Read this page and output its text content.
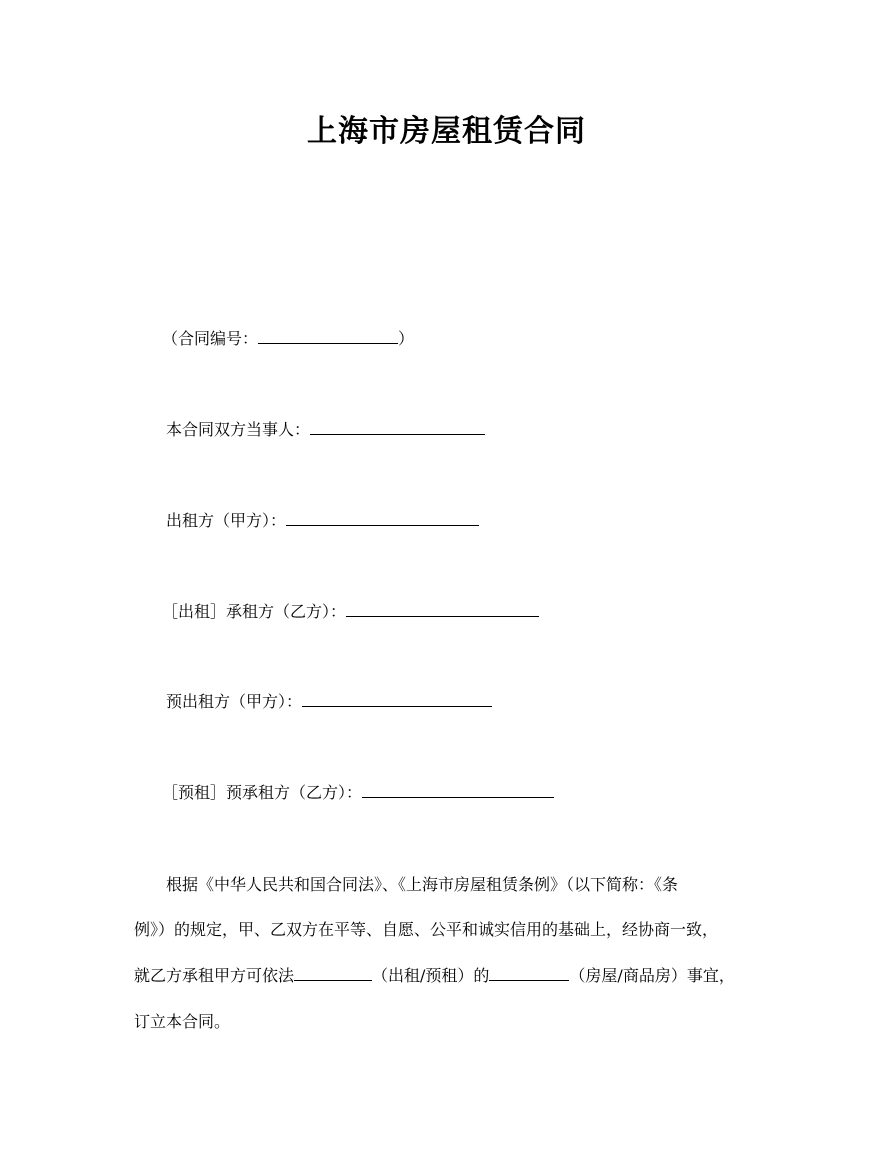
上海市房屋租赁合同
（合同编号：	）
本合同双方当事人：
出租方（甲方）：
［出租］承租方（乙方）：
预出租方（甲方）：
［预租］预承租方（乙方）：
根据《中华人民共和国合同法》、《上海市房屋租赁条例》（以下简称：《条
例》）的规定，甲、乙双方在平等、自愿、公平和诚实信用的基础上，经协商一致，
就乙方承租甲方可依法	（出租/预租）的	（房屋/商品房）事宜，
订立本合同。
